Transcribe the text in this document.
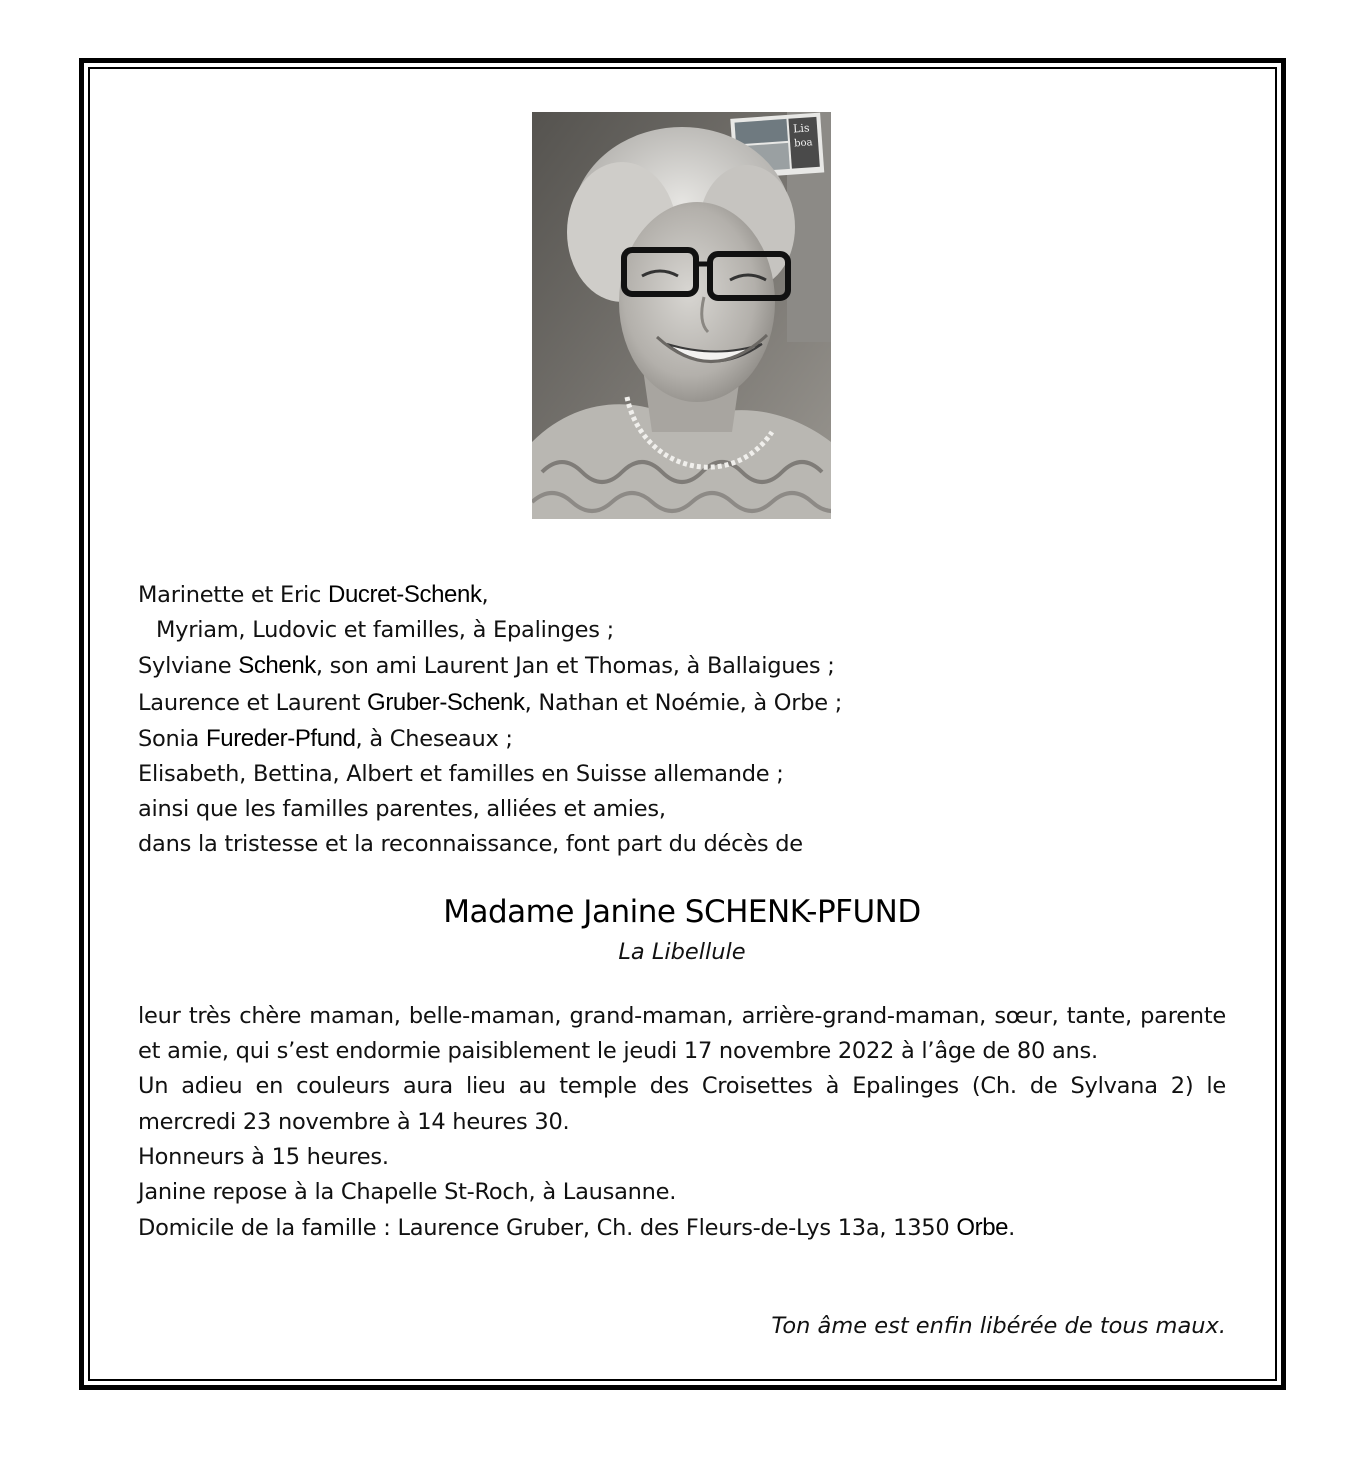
Lis
boa
Marinette et Eric Ducret-Schenk,
Myriam, Ludovic et familles, à Epalinges ;
Sylviane Schenk, son ami Laurent Jan et Thomas, à Ballaigues ;
Laurence et Laurent Gruber-Schenk, Nathan et Noémie, à Orbe ;
Sonia Fureder-Pfund, à Cheseaux ;
Elisabeth, Bettina, Albert et familles en Suisse allemande ;
ainsi que les familles parentes, alliées et amies,
dans la tristesse et la reconnaissance, font part du décès de
Madame Janine SCHENK-PFUND
La Libellule
leur très chère maman, belle-maman, grand-maman, arrière-grand-maman, sœur, tante, parente et amie, qui s’est endormie paisiblement le jeudi 17 novembre 2022 à l’âge de 80 ans.
Un adieu en couleurs aura lieu au temple des Croisettes à Epalinges (Ch. de Sylvana 2) le mercredi 23 novembre à 14 heures 30.
Honneurs à 15 heures.
Janine repose à la Chapelle St-Roch, à Lausanne.
Domicile de la famille : Laurence Gruber, Ch. des Fleurs-de-Lys 13a, 1350 Orbe.
Ton âme est enfin libérée de tous maux.
